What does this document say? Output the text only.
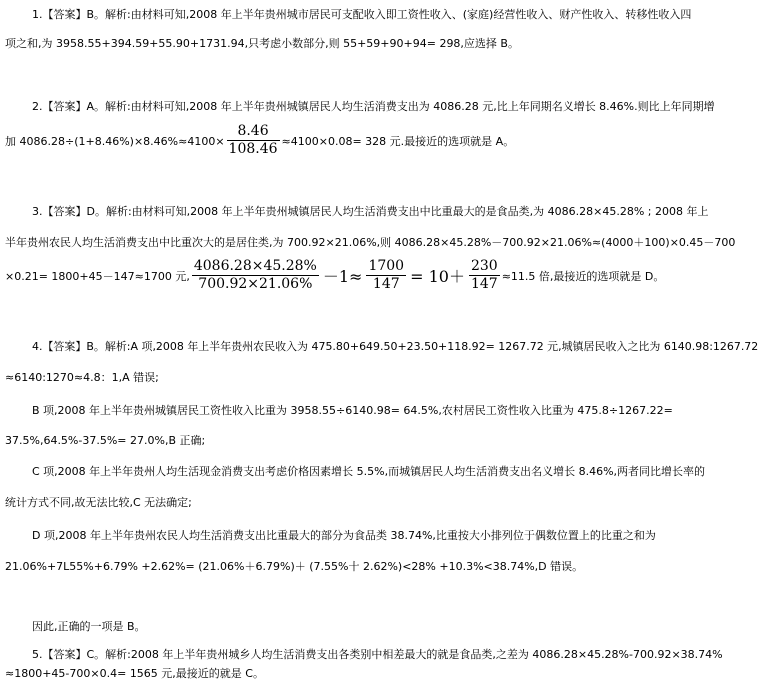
1.【答案】B。解析:由材料可知,2008 年上半年贵州城市居民可支配收入即工资性收入、(家庭)经营性收入、财产性收入、转移性收入四
项之和,为 3958.55+394.59+55.90+1731.94,只考虑小数部分,则 55+59+90+94= 298,应选择 B。
2.【答案】A。解析:由材料可知,2008 年上半年贵州城镇居民人均生活消费支出为 4086.28 元,比上年同期名义增长 8.46%.则比上年同期增
加 $4086.28\div(1+8.46\%)\times 8.46\%\approx 4100\times \frac{8.46}{108.46} \approx 4100\times 0.08= 328$ 元.最接近的选项就是 A。
3.【答案】D。解析:由材料可知,2008 年上半年贵州城镇居民人均生活消费支出中比重最大的是食品类,为 4086.28×45.28% ; 2008 年上
半年贵州农民人均生活消费支出中比重次大的是居住类,为 700.92×21.06%,则 4086.28×45.28%－700.92×21.06%≈(4000＋100)×0.45－700
×0.21= 1800+45－147≈1700 元, $\frac{4086.28\times 45.28\%}{700.92\times 21.06\%} -1\approx \frac{1700}{147} = 10+ \frac{230}{147} \approx 11.5$ 倍,最接近的选项就是 D。
4.【答案】B。解析:A 项,2008 年上半年贵州农民收入为 475.80+649.50+23.50+118.92= 1267.72 元,城镇居民收入之比为 6140.98:1267.72
≈6140:1270≈4.8：1,A 错误;
B 项,2008 年上半年贵州城镇居民工资性收入比重为 3958.55÷6140.98= 64.5%,农村居民工资性收入比重为 475.8÷1267.22=
37.5%,64.5%-37.5%= 27.0%,B 正确;
C 项,2008 年上半年贵州人均生活现金消费支出考虑价格因素增长 5.5%,而城镇居民人均生活消费支出名义增长 8.46%,两者同比增长率的
统计方式不同,故无法比较,C 无法确定;
D 项,2008 年上半年贵州农民人均生活消费支出比重最大的部分为食品类 38.74%,比重按大小排列位于偶数位置上的比重之和为
21.06%+7L55%+6.79% +2.62%= (21.06%＋6.79%)＋ (7.55%十 2.62%)<28% +10.3%<38.74%,D 错误。
因此,正确的一项是 B。
5.【答案】C。解析:2008 年上半年贵州城乡人均生活消费支出各类别中相差最大的就是食品类,之差为 4086.28×45.28%-700.92×38.74%
≈1800+45-700×0.4= 1565 元,最接近的就是 C。
